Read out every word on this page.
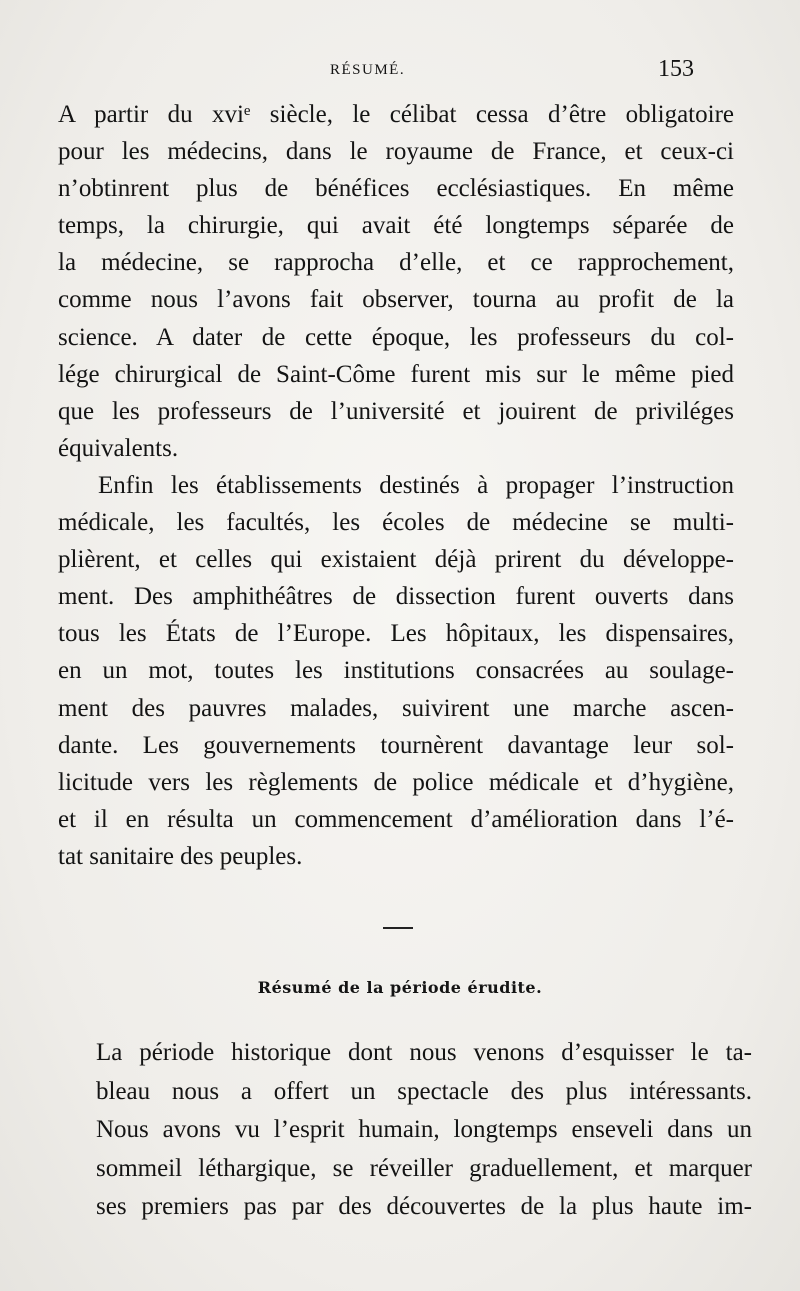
RÉSUMÉ.	153
A partir du xviᵉ siècle, le célibat cessa d’être obligatoire
pour les médecins, dans le royaume de France, et ceux-ci
n’obtinrent plus de bénéfices ecclésiastiques. En même
temps, la chirurgie, qui avait été longtemps séparée de
la médecine, se rapprocha d’elle, et ce rapprochement,
comme nous l’avons fait observer, tourna au profit de la
science. A dater de cette époque, les professeurs du col-
lége chirurgical de Saint-Côme furent mis sur le même pied
que les professeurs de l’université et jouirent de priviléges
équivalents.
Enfin les établissements destinés à propager l’instruction
médicale, les facultés, les écoles de médecine se multi-
plièrent, et celles qui existaient déjà prirent du développe-
ment. Des amphithéâtres de dissection furent ouverts dans
tous les États de l’Europe. Les hôpitaux, les dispensaires,
en un mot, toutes les institutions consacrées au soulage-
ment des pauvres malades, suivirent une marche ascen-
dante. Les gouvernements tournèrent davantage leur sol-
licitude vers les règlements de police médicale et d’hygiène,
et il en résulta un commencement d’amélioration dans l’é-
tat sanitaire des peuples.
Résumé de la période érudite.
La période historique dont nous venons d’esquisser le ta-
bleau nous a offert un spectacle des plus intéressants.
Nous avons vu l’esprit humain, longtemps enseveli dans un
sommeil léthargique, se réveiller graduellement, et marquer
ses premiers pas par des découvertes de la plus haute im-
